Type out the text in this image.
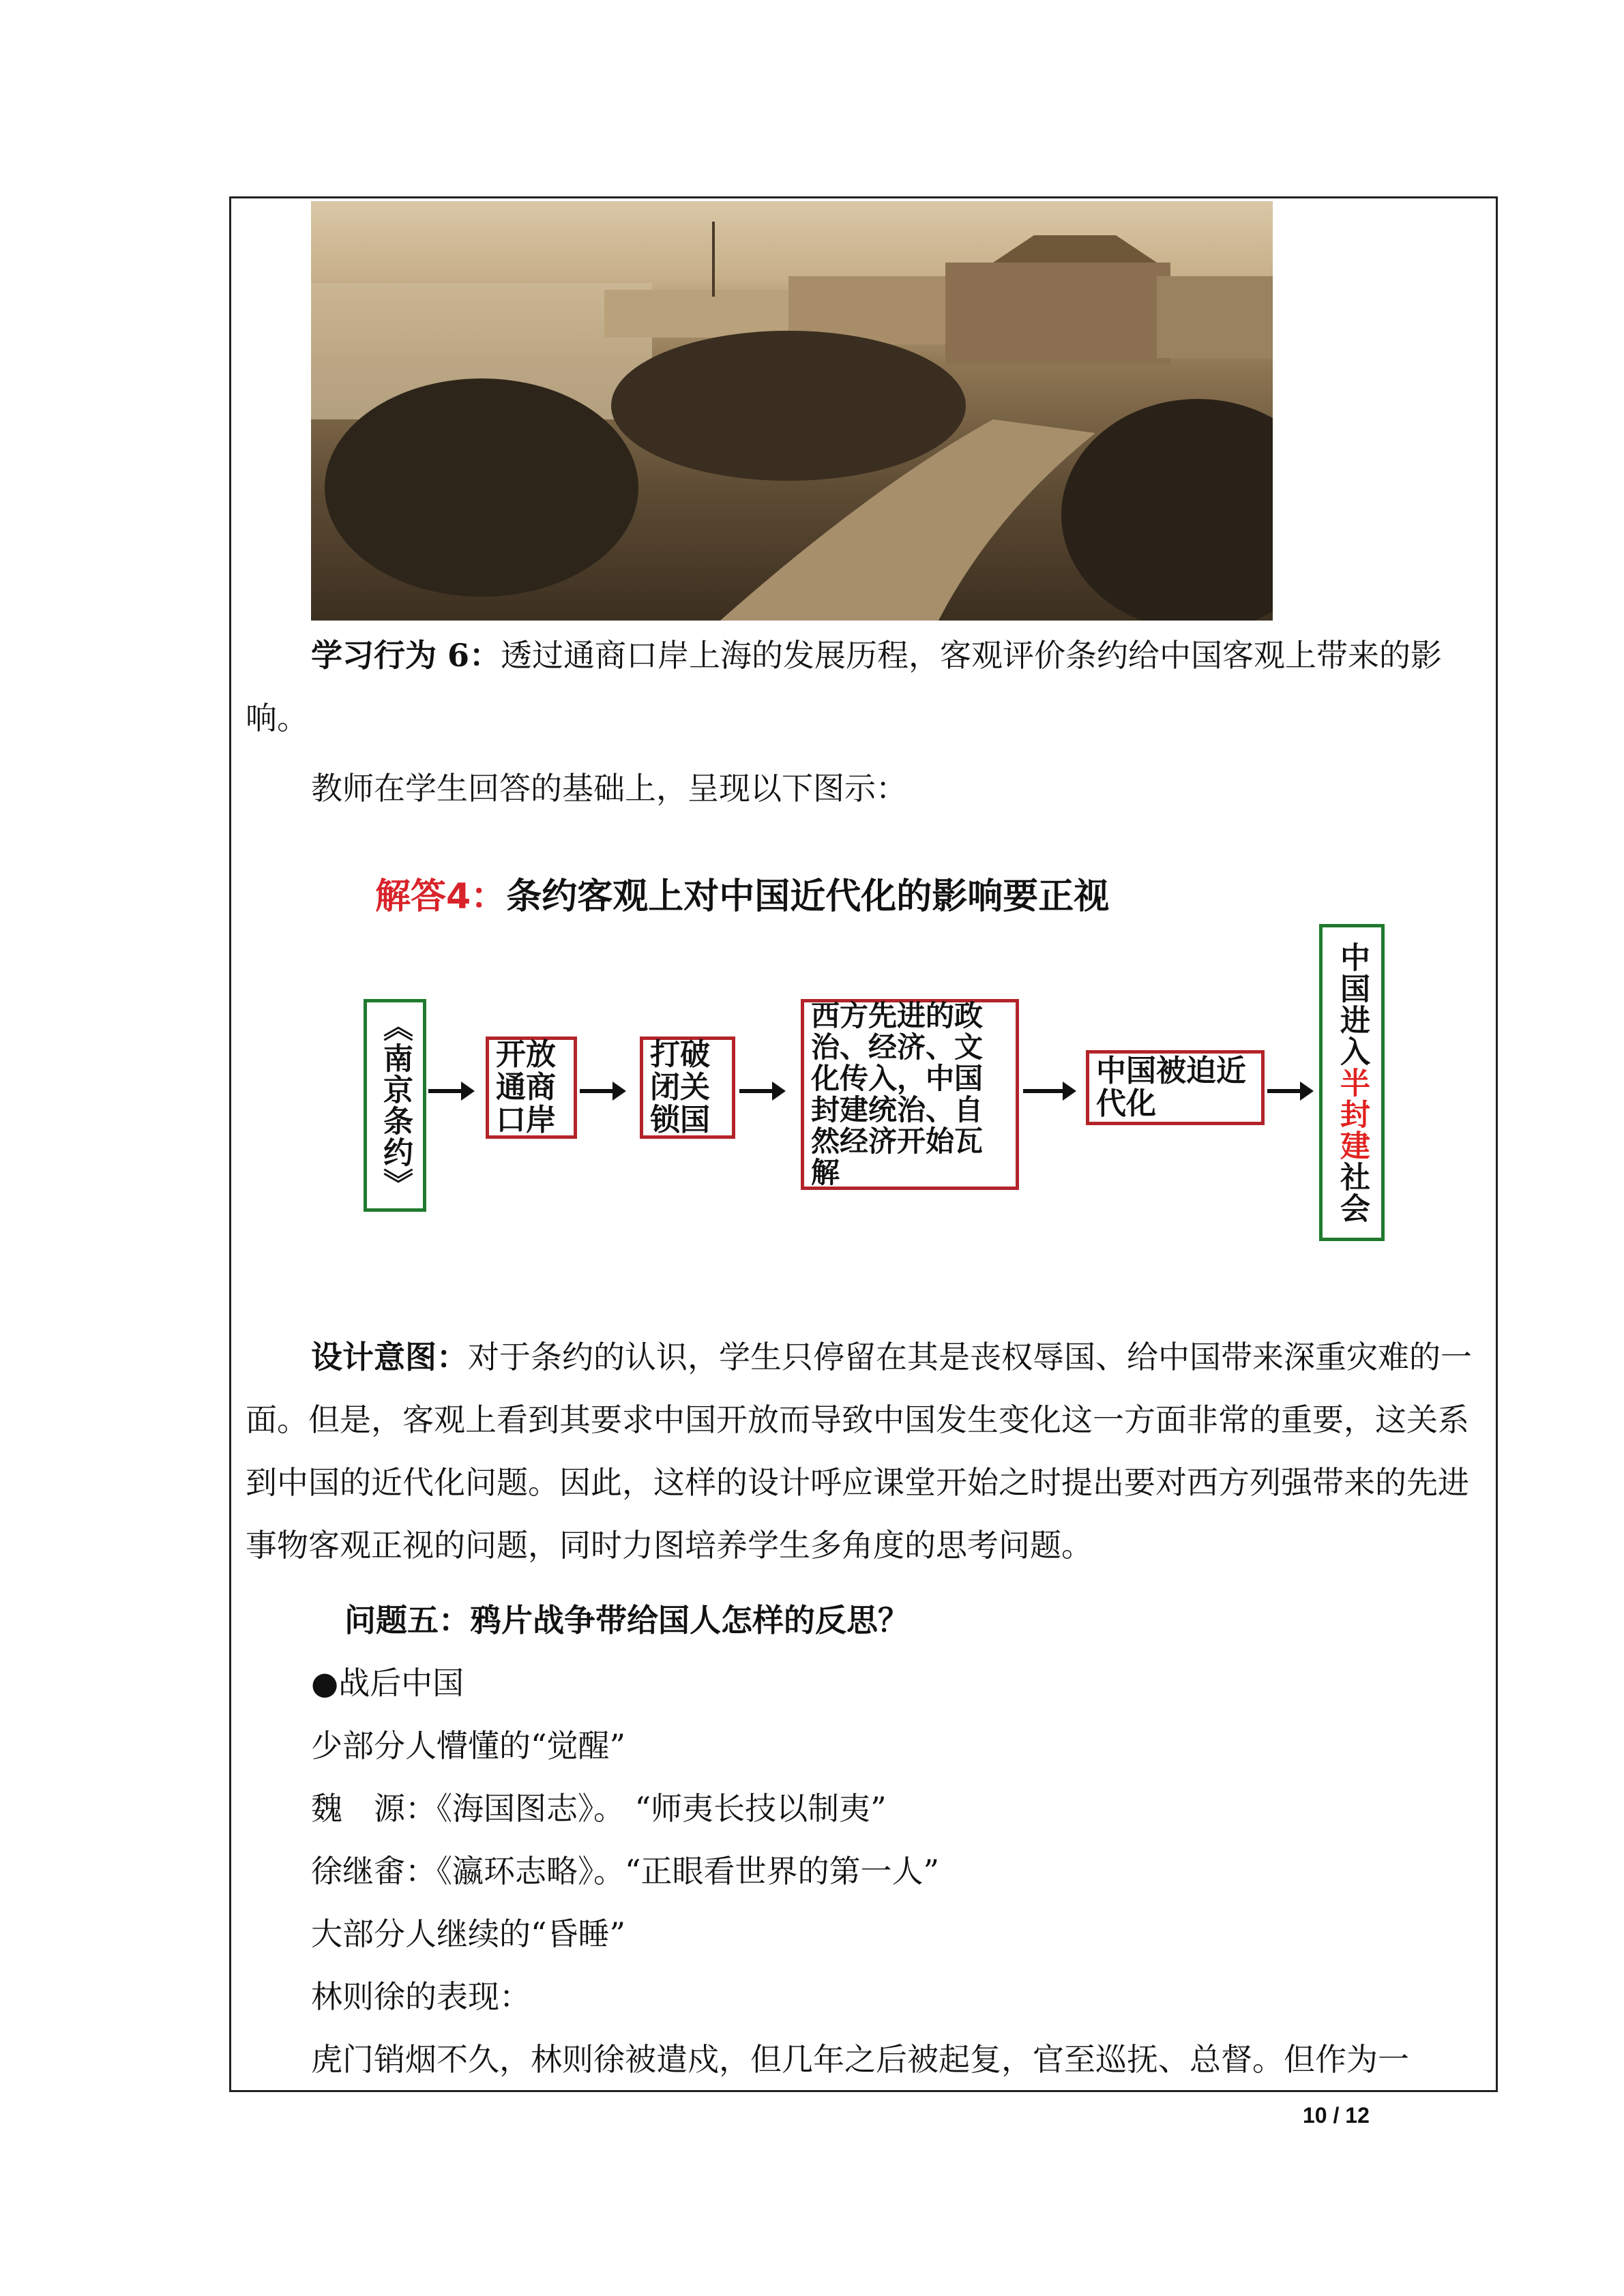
学习行为 6：透过通商口岸上海的发展历程，客观评价条约给中国客观上带来的影响。

教师在学生回答的基础上，呈现以下图示：
解答4：条约客观上对中国近代化的影响要正视
《南京条约》	开放通商口岸
打破闭关锁国
西方先进的政治、经济、文化传入，中国封建统治、自然经济开始瓦解
中国被迫近代化
中国进入
半封建
社会

设计意图：对于条约的认识，学生只停留在其是丧权辱国、给中国带来深重灾难的一面。但是，客观上看到其要求中国开放而导致中国发生变化这一方面非常的重要，这关系到中国的近代化问题。因此，这样的设计呼应课堂开始之时提出要对西方列强带来的先进事物客观正视的问题，同时力图培养学生多角度的思考问题。

问题五：鸦片战争带给国人怎样的反思？
●战后中国
少部分人懵懂的“觉醒”
魏　源：《海国图志》。 “师夷长技以制夷”
徐继畬：《瀛环志略》。“正眼看世界的第一人”
大部分人继续的“昏睡”
林则徐的表现：
虎门销烟不久，林则徐被遣戍，但几年之后被起复，官至巡抚、总督。但作为一
10 / 12
